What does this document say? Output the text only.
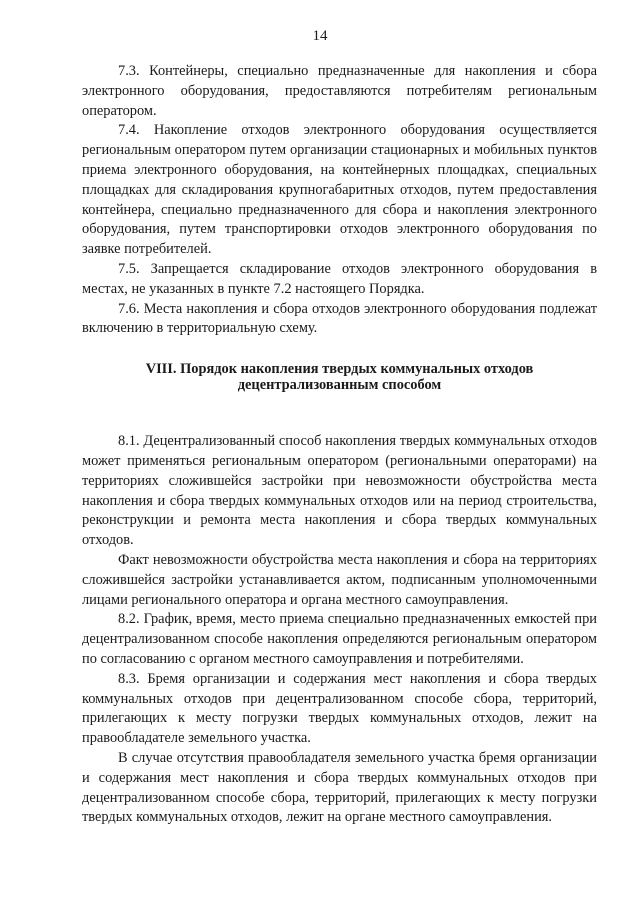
14

7.3. Контейнеры, специально предназначенные для накопления и сбора электронного оборудования, предоставляются потребителям региональным оператором.

7.4. Накопление отходов электронного оборудования осуществляется региональным оператором путем организации стационарных и мобильных пунктов приема электронного оборудования, на контейнерных площадках, специальных площадках для складирования крупногабаритных отходов, путем предоставления контейнера, специально предназначенного для сбора и накопления электронного оборудования, путем транспортировки отходов электронного оборудования по заявке потребителей.

7.5. Запрещается складирование отходов электронного оборудования в местах, не указанных в пункте 7.2 настоящего Порядка.

7.6. Места накопления и сбора отходов электронного оборудования подлежат включению в территориальную схему.

VIII. Порядок накопления твердых коммунальных отходов
децентрализованным способом

8.1. Децентрализованный способ накопления твердых коммунальных отходов может применяться региональным оператором (региональными операторами) на территориях сложившейся застройки при невозможности обустройства места накопления и сбора твердых коммунальных отходов или на период строительства, реконструкции и ремонта места накопления и сбора твердых коммунальных отходов.

Факт невозможности обустройства места накопления и сбора на территориях сложившейся застройки устанавливается актом, подписанным уполномоченными лицами регионального оператора и органа местного самоуправления.

8.2. График, время, место приема специально предназначенных емкостей при децентрализованном способе накопления определяются региональным оператором по согласованию с органом местного самоуправления и потребителями.

8.3. Бремя организации и содержания мест накопления и сбора твердых коммунальных отходов при децентрализованном способе сбора, территорий, прилегающих к месту погрузки твердых коммунальных отходов, лежит на правообладателе земельного участка.

В случае отсутствия правообладателя земельного участка бремя организации и содержания мест накопления и сбора твердых коммунальных отходов при децентрализованном способе сбора, территорий, прилегающих к месту погрузки твердых коммунальных отходов, лежит на органе местного самоуправления.
